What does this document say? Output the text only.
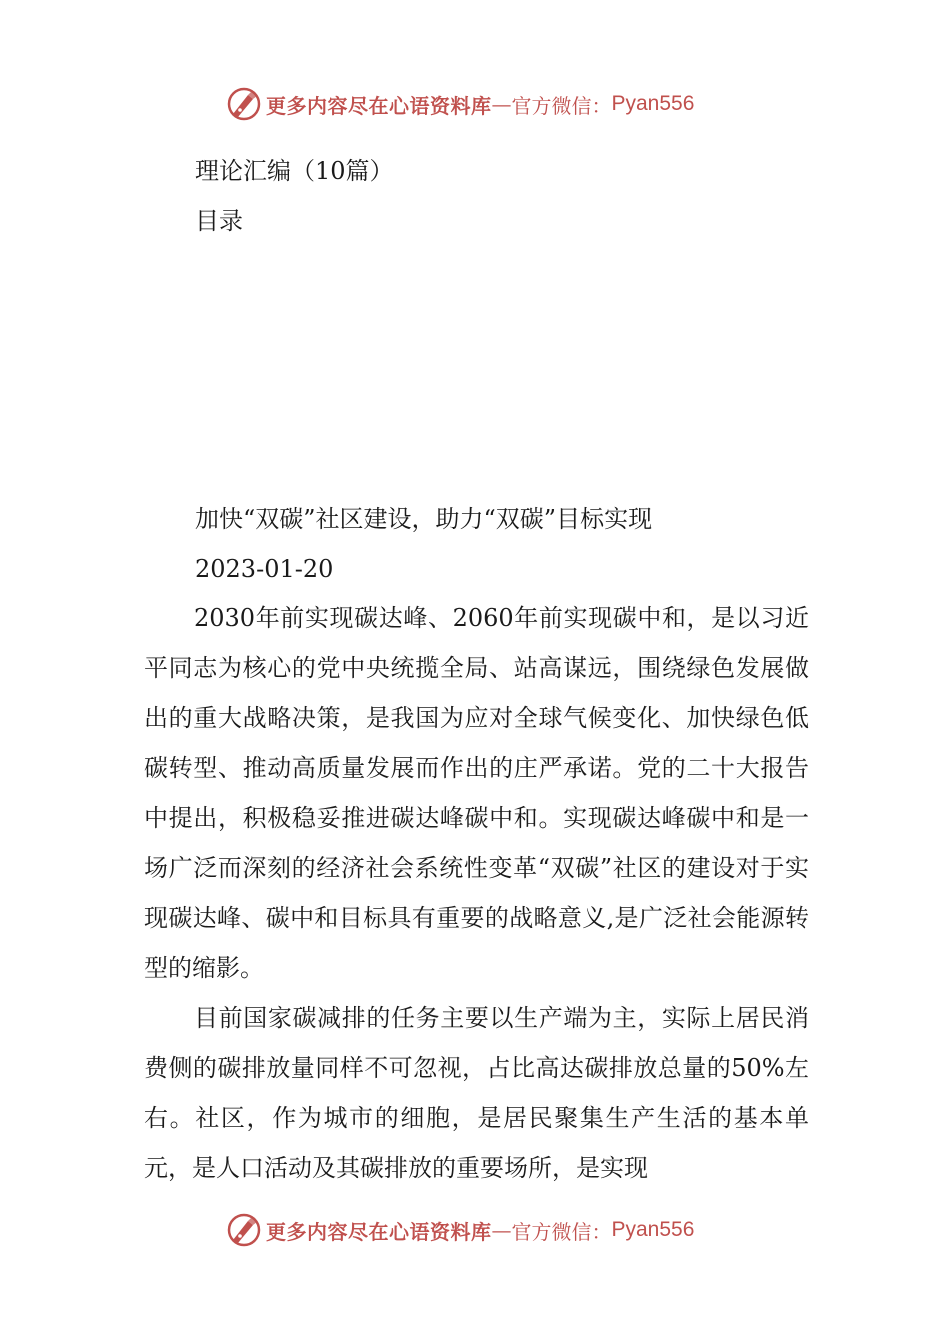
更多内容尽在心语资料库 — 官方微信： Pyan556
理论汇编（10篇）
目录
加快“双碳”社区建设，助力“双碳”目标实现
2023-01-20

2030年前实现碳达峰、2060年前实现碳中和，是以习近平同志为核心的党中央统揽全局、站高谋远，围绕绿色发展做出的重大战略决策，是我国为应对全球气候变化、加快绿色低碳转型、推动高质量发展而作出的庄严承诺。党的二十大报告中提出，积极稳妥推进碳达峰碳中和。实现碳达峰碳中和是一场广泛而深刻的经济社会系统性变革“双碳”社区的建设对于实现碳达峰、碳中和目标具有重要的战略意义,是广泛社会能源转型的缩影。

目前国家碳减排的任务主要以生产端为主，实际上居民消费侧的碳排放量同样不可忽视，占比高达碳排放总量的50%左右。社区，作为城市的细胞，是居民聚集生产生活的基本单元，是人口活动及其碳排放的重要场所，是实现

更多内容尽在心语资料库 — 官方微信： Pyan556
